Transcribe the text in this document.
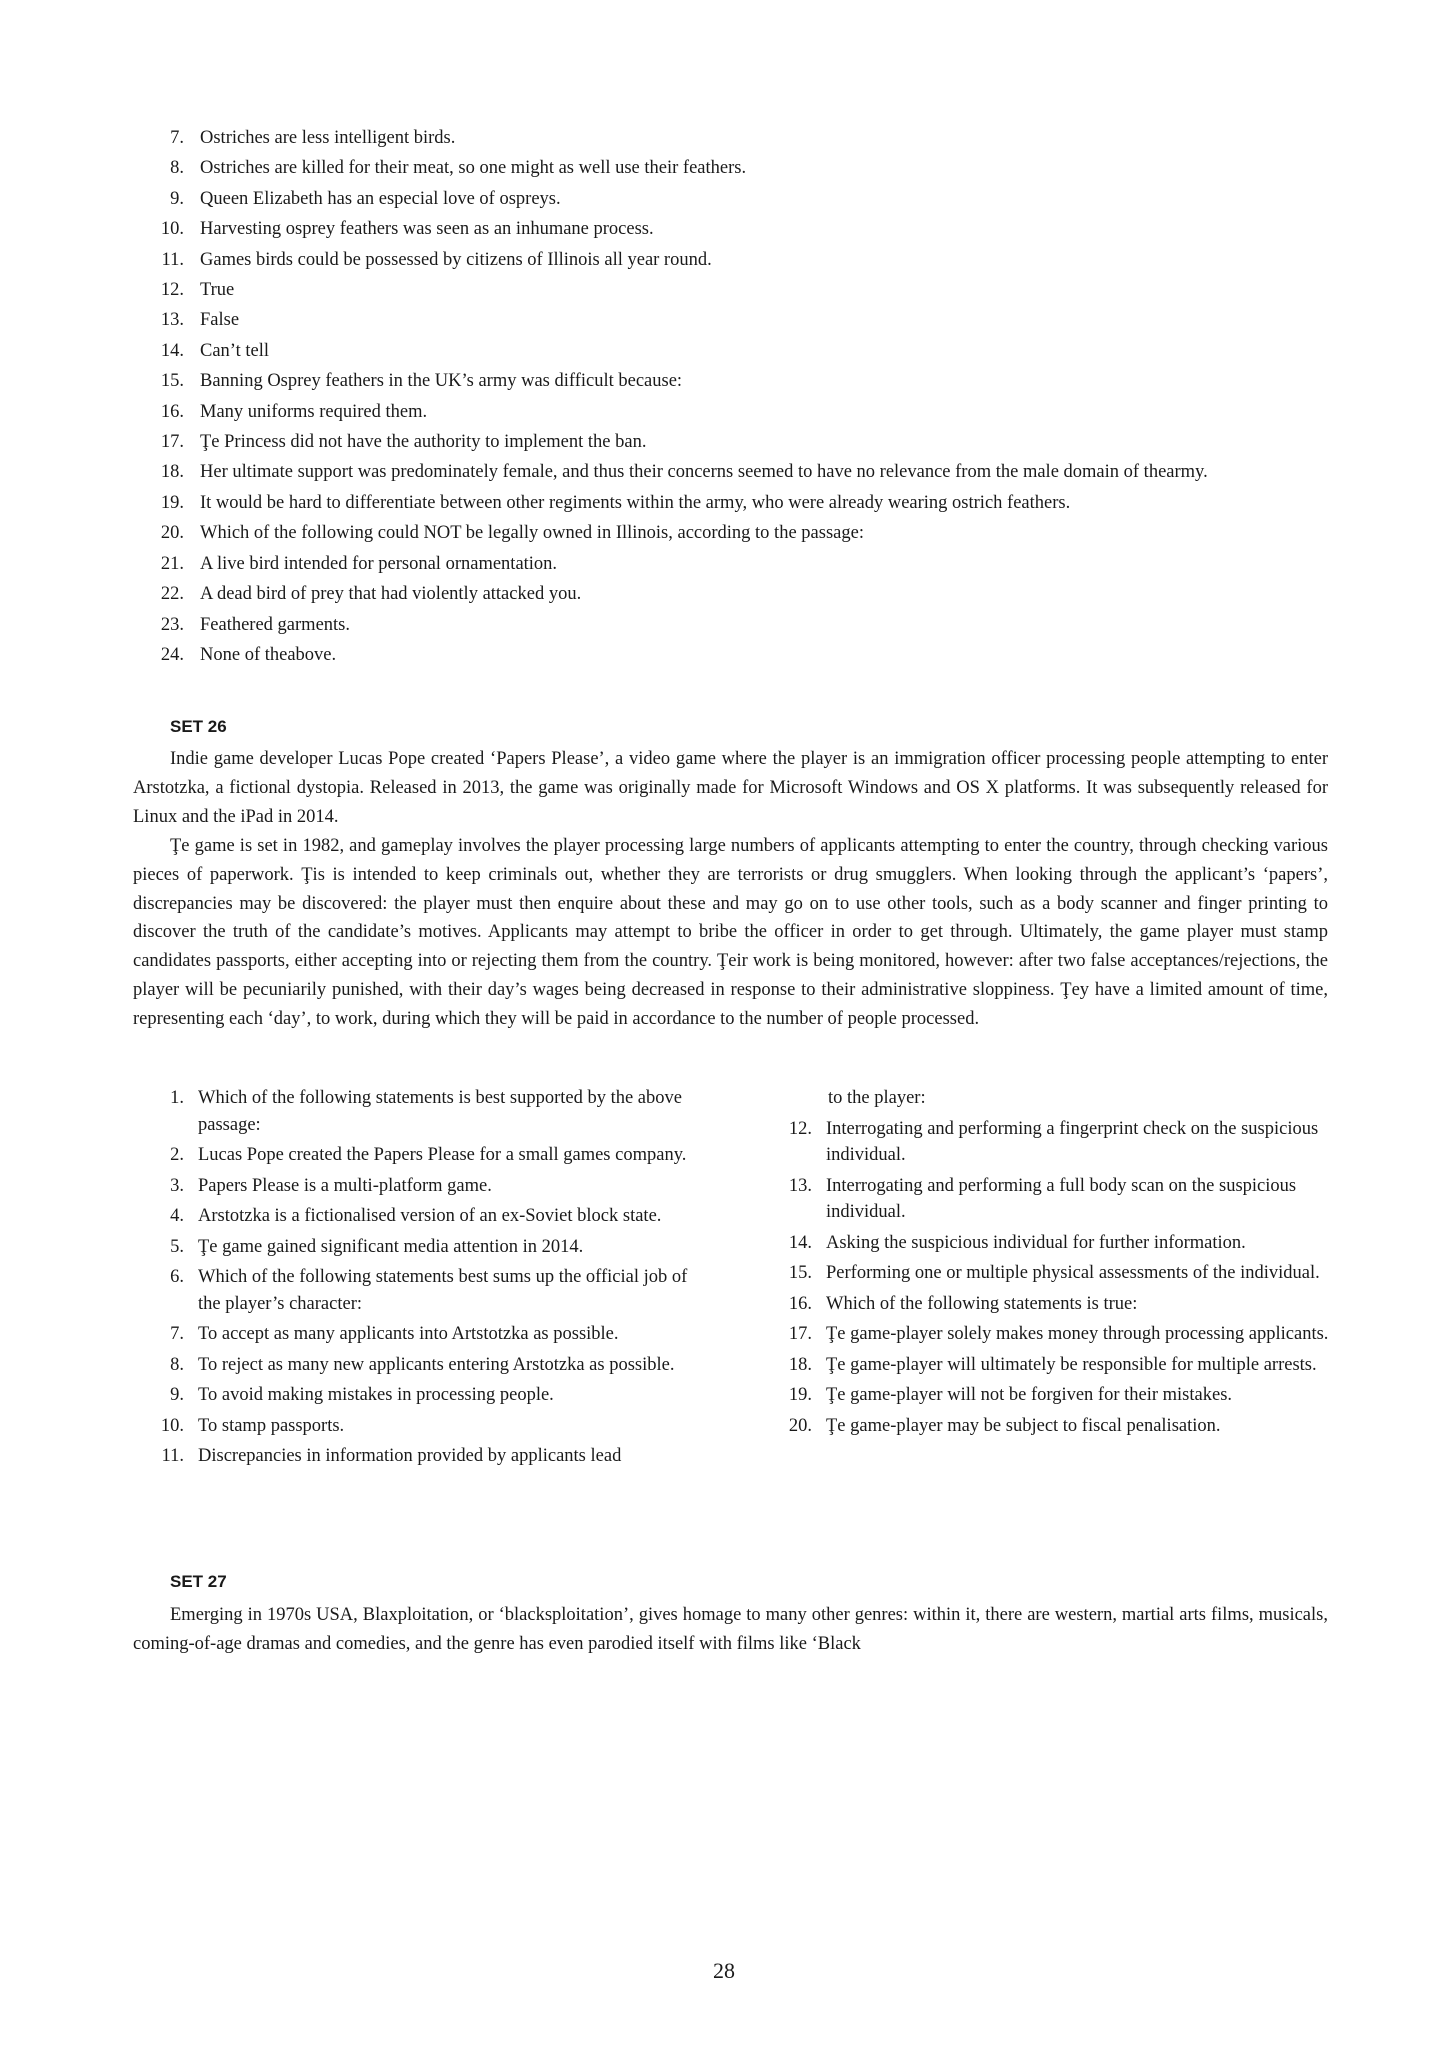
7. Ostriches are less intelligent birds.
8. Ostriches are killed for their meat, so one might as well use their feathers.
9. Queen Elizabeth has an especial love of ospreys.
10. Harvesting osprey feathers was seen as an inhumane process.
11. Games birds could be possessed by citizens of Illinois all year round.
12. True
13. False
14. Can’t tell
15. Banning Osprey feathers in the UK’s army was difficult because:
16. Many uniforms required them.
17. Ţe Princess did not have the authority to implement the ban.
18. Her ultimate support was predominately female, and thus their concerns seemed to have no relevance from the male domain of thearmy.
19. It would be hard to differentiate between other regiments within the army, who were already wearing ostrich feathers.
20. Which of the following could NOT be legally owned in Illinois, according to the passage:
21. A live bird intended for personal ornamentation.
22. A dead bird of prey that had violently attacked you.
23. Feathered garments.
24. None of theabove.
SET 26

Indie game developer Lucas Pope created ‘Papers Please’, a video game where the player is an immigration officer processing people attempting to enter Arstotzka, a fictional dystopia. Released in 2013, the game was originally made for Microsoft Windows and OS X platforms. It was subsequently released for Linux and the iPad in 2014.

Ţe game is set in 1982, and gameplay involves the player processing large numbers of applicants attempting to enter the country, through checking various pieces of paperwork. Ţis is intended to keep criminals out, whether they are terrorists or drug smugglers. When looking through the applicant’s ‘papers’, discrepancies may be discovered: the player must then enquire about these and may go on to use other tools, such as a body scanner and finger printing to discover the truth of the candidate’s motives. Applicants may attempt to bribe the officer in order to get through. Ultimately, the game player must stamp candidates passports, either accepting into or rejecting them from the country. Ţeir work is being monitored, however: after two false acceptances/rejections, the player will be pecuniarily punished, with their day’s wages being decreased in response to their administrative sloppiness. Ţey have a limited amount of time, representing each ‘day’, to work, during which they will be paid in accordance to the number of people processed.

1. Which of the following statements is best supported by the above passage:
2. Lucas Pope created the Papers Please for a small games company.
3. Papers Please is a multi-platform game.
4. Arstotzka is a fictionalised version of an ex-Soviet block state.
5. Ţe game gained significant media attention in 2014.
6. Which of the following statements best sums up the official job of the player’s character:
7. To accept as many applicants into Artstotzka as possible.
8. To reject as many new applicants entering Arstotzka as possible.
9. To avoid making mistakes in processing people.
10. To stamp passports.
11. Discrepancies in information provided by applicants lead
to the player:
12. Interrogating and performing a fingerprint check on the suspicious individual.
13. Interrogating and performing a full body scan on the suspicious individual.
14. Asking the suspicious individual for further information.
15. Performing one or multiple physical assessments of the individual.
16. Which of the following statements is true:
17. Ţe game-player solely makes money through processing applicants.
18. Ţe game-player will ultimately be responsible for multiple arrests.
19. Ţe game-player will not be forgiven for their mistakes.
20. Ţe game-player may be subject to fiscal penalisation.
SET 27

Emerging in 1970s USA, Blaxploitation, or ‘blacksploitation’, gives homage to many other genres: within it, there are western, martial arts films, musicals, coming-of-age dramas and comedies, and the genre has even parodied itself with films like ‘Black

28
